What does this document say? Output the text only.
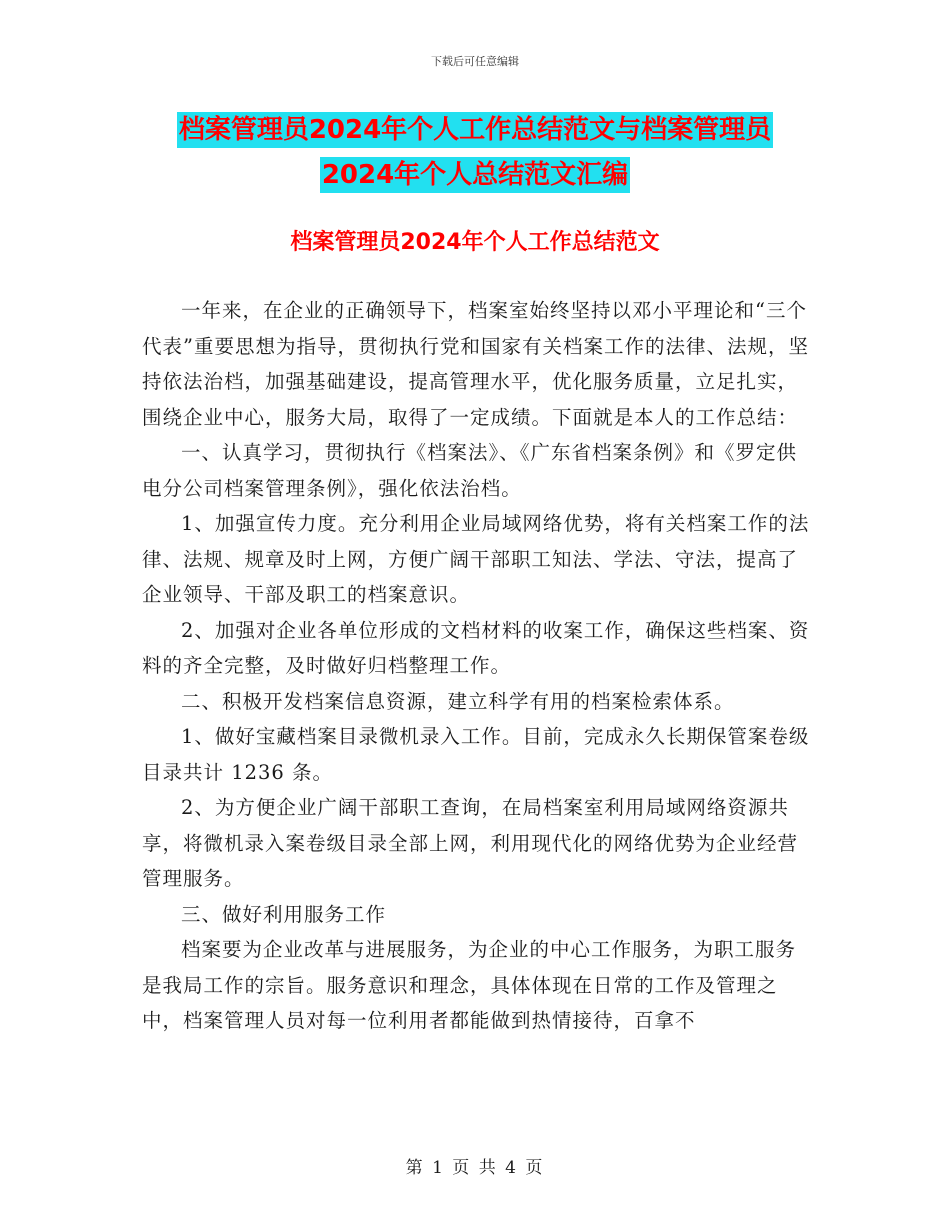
下载后可任意编辑
档案管理员2024年个人工作总结范文与档案管理员
2024年个人总结范文汇编
档案管理员2024年个人工作总结范文

一年来，在企业的正确领导下，档案室始终坚持以邓小平理论和“三个代表”重要思想为指导，贯彻执行党和国家有关档案工作的法律、法规，坚持依法治档，加强基础建设，提高管理水平，优化服务质量，立足扎实，围绕企业中心，服务大局，取得了一定成绩。下面就是本人的工作总结：

一、认真学习，贯彻执行《档案法》、《广东省档案条例》和《罗定供电分公司档案管理条例》，强化依法治档。

1、加强宣传力度。充分利用企业局域网络优势，将有关档案工作的法律、法规、规章及时上网，方便广阔干部职工知法、学法、守法，提高了企业领导、干部及职工的档案意识。

2、加强对企业各单位形成的文档材料的收案工作，确保这些档案、资料的齐全完整，及时做好归档整理工作。

二、积极开发档案信息资源，建立科学有用的档案检索体系。

1、做好宝藏档案目录微机录入工作。目前，完成永久长期保管案卷级目录共计 1236 条。

2、为方便企业广阔干部职工查询，在局档案室利用局域网络资源共享，将微机录入案卷级目录全部上网，利用现代化的网络优势为企业经营管理服务。

三、做好利用服务工作

档案要为企业改革与进展服务，为企业的中心工作服务，为职工服务是我局工作的宗旨。服务意识和理念，具体体现在日常的工作及管理之中，档案管理人员对每一位利用者都能做到热情接待，百拿不

第 1 页 共 4 页
